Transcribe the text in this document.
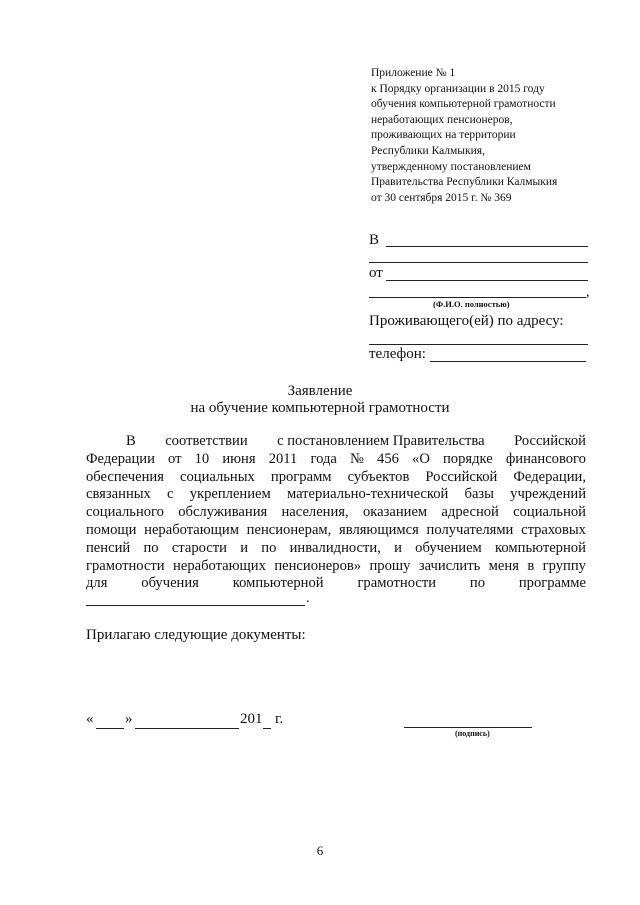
Приложение № 1
к Порядку организации в 2015 году
обучения компьютерной грамотности
неработающих пенсионеров,
проживающих на территории
Республики Калмыкия,
утвержденному постановлением
Правительства Республики Калмыкия
от 30 сентября 2015 г. № 369
В
от
,
(Ф.И.О. полностью)
Проживающего(ей) по адресу:
телефон:
Заявление
на обучение компьютерной грамотности
В соответствии с постановлением Правительства Российской
Федерации от 10 июня 2011 года № 456 «О порядке финансового
обеспечения социальных программ субъектов Российской Федерации,
связанных с укреплением материально-технической базы учреждений
социального обслуживания населения, оказанием адресной социальной
помощи неработающим пенсионерам, являющимся получателями страховых
пенсий по старости и по инвалидности, и обучением компьютерной
грамотности неработающих пенсионеров» прошу зачислить меня в группу
для обучения компьютерной грамотности по программе
.
Прилагаю следующие документы:
« »	201 г.
(подпись)
6
